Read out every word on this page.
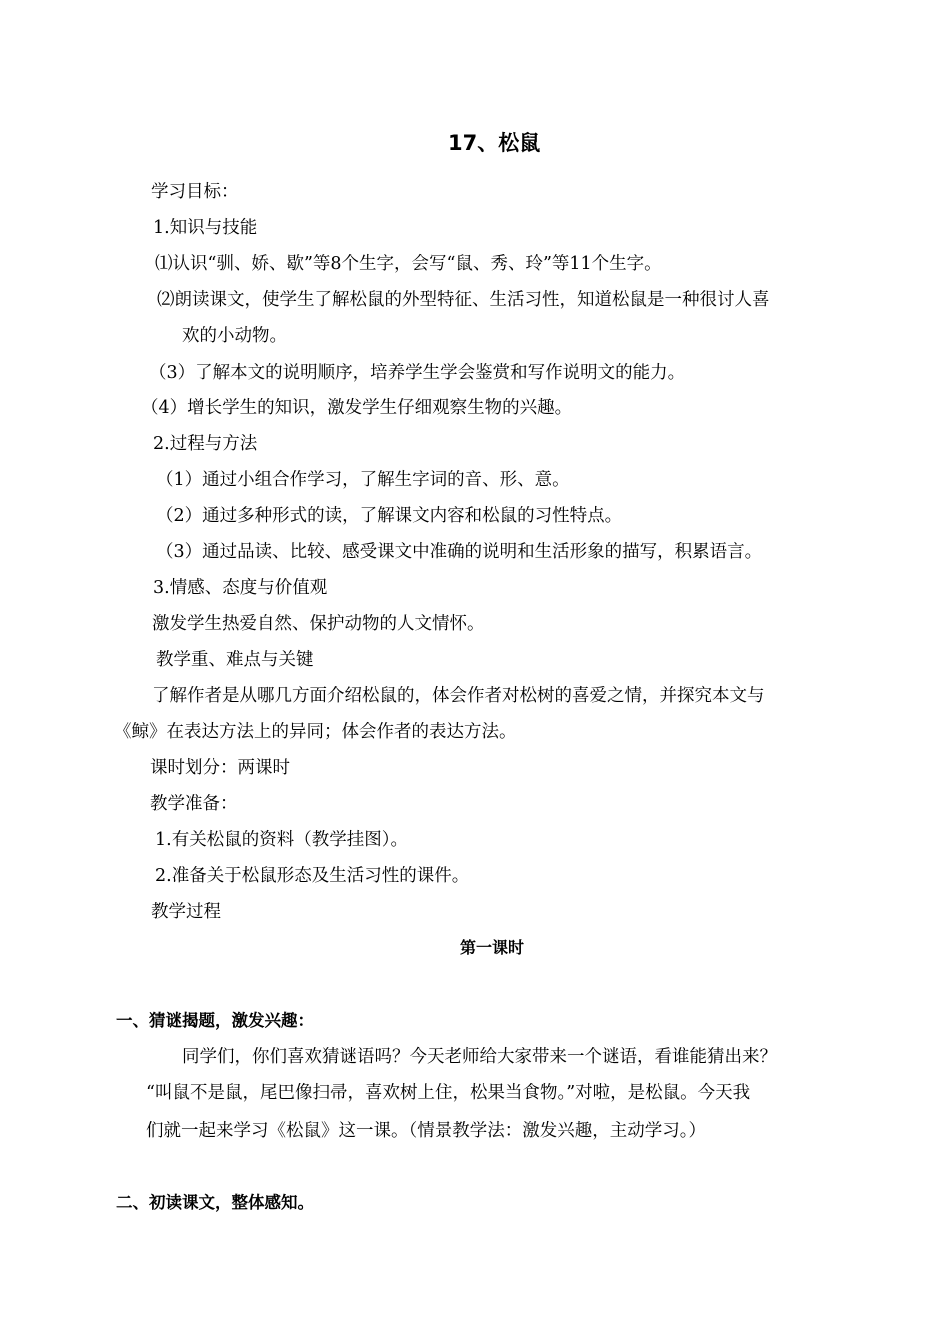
17、松鼠
学习目标：
1.知识与技能
⑴认识“驯、娇、歇”等8个生字，会写“鼠、秀、玲”等11个生字。
⑵朗读课文，使学生了解松鼠的外型特征、生活习性，知道松鼠是一种很讨人喜
欢的小动物。
（3）了解本文的说明顺序，培养学生学会鉴赏和写作说明文的能力。
（4）增长学生的知识，激发学生仔细观察生物的兴趣。
2.过程与方法
（1）通过小组合作学习，了解生字词的音、形、意。
（2）通过多种形式的读，了解课文内容和松鼠的习性特点。
（3）通过品读、比较、感受课文中准确的说明和生活形象的描写，积累语言。
3.情感、态度与价值观
激发学生热爱自然、保护动物的人文情怀。
教学重、难点与关键
了解作者是从哪几方面介绍松鼠的，体会作者对松树的喜爱之情，并探究本文与
《鲸》在表达方法上的异同；体会作者的表达方法。
课时划分：两课时
教学准备：
1.有关松鼠的资料（教学挂图）。
2.准备关于松鼠形态及生活习性的课件。
教学过程
第一课时
一、猜谜揭题，激发兴趣：
同学们，你们喜欢猜谜语吗？今天老师给大家带来一个谜语，看谁能猜出来？
“叫鼠不是鼠，尾巴像扫帚，喜欢树上住，松果当食物。”对啦，是松鼠。今天我
们就一起来学习《松鼠》这一课。（情景教学法：激发兴趣，主动学习。）
二、初读课文，整体感知。
